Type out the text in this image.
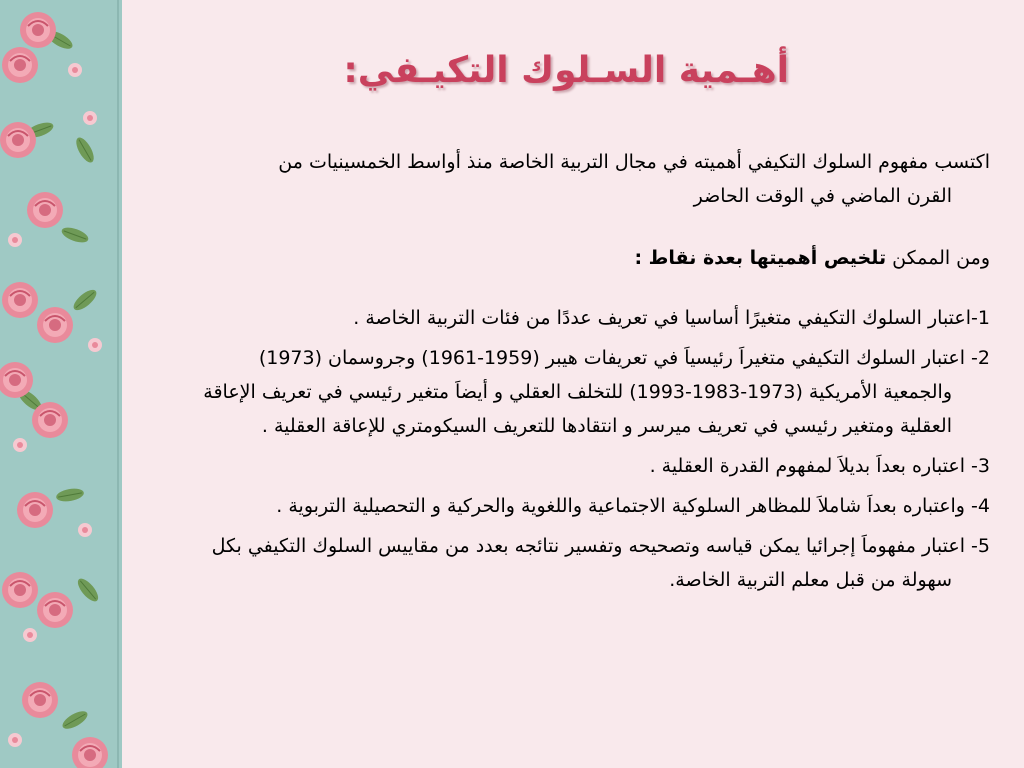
أهـمية السـلوك التكيـفي:
اكتسب مفهوم السلوك التكيفي أهميته في مجال التربية الخاصة منذ أواسط الخمسينيات من
القرن الماضي في الوقت الحاضر
ومن الممكن تلخيص أهميتها بعدة نقاط :
1-اعتبار السلوك التكيفي متغيرًا أساسيا في تعريف عددًا من فئات التربية الخاصة .
2- اعتبار السلوك التكيفي متغيراَ رئيسياَ في تعريفات هيبر (1959-1961) وجروسمان (1973) والجمعية الأمريكية (1973-1983-1993) للتخلف العقلي و أيضاَ متغير رئيسي في تعريف الإعاقة العقلية ومتغير رئيسي في تعريف ميرسر و انتقادها للتعريف السيكومتري للإعاقة العقلية .
3- اعتباره بعداَ بديلاَ لمفهوم القدرة العقلية .
4- واعتباره بعداَ شاملاَ للمظاهر السلوكية الاجتماعية واللغوية والحركية و التحصيلية التربوية .
5- اعتبار مفهوماَ إجرائيا يمكن قياسه وتصحيحه وتفسير نتائجه بعدد من مقاييس السلوك التكيفي بكل سهولة من قبل معلم التربية الخاصة.
